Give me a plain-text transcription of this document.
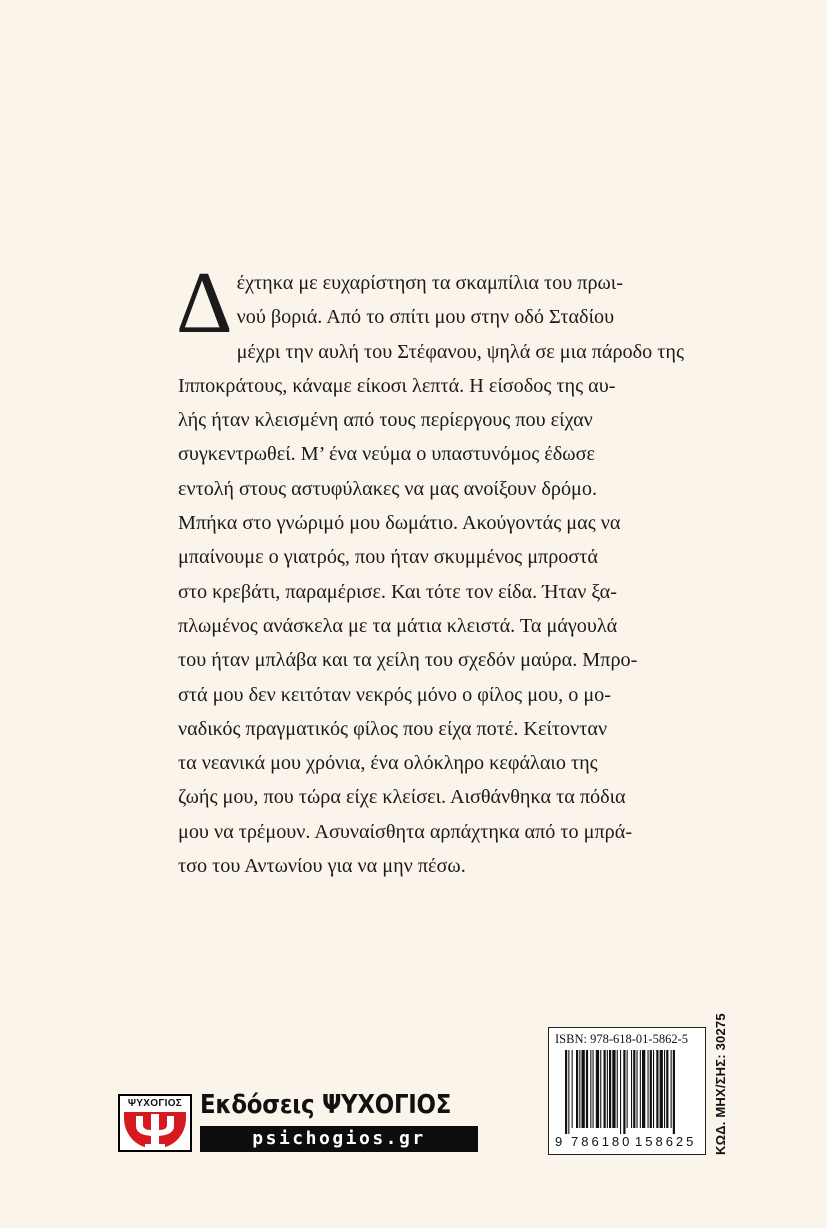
Δ έχτηκα με ευχαρίστηση τα σκαμπίλια του πρωι-
νού βοριά. Από το σπίτι μου στην οδό Σταδίου
μέχρι την αυλή του Στέφανου, ψηλά σε μια πάροδο της
Ιπποκράτους, κάναμε είκοσι λεπτά. Η είσοδος της αυ-
λής ήταν κλεισμένη από τους περίεργους που είχαν
συγκεντρωθεί. Μ’ ένα νεύμα ο υπαστυνόμος έδωσε
εντολή στους αστυφύλακες να μας ανοίξουν δρόμο.
Μπήκα στο γνώριμό μου δωμάτιο. Ακούγοντάς μας να
μπαίνουμε ο γιατρός, που ήταν σκυμμένος μπροστά
στο κρεβάτι, παραμέρισε. Και τότε τον είδα. Ήταν ξα-
πλωμένος ανάσκελα με τα μάτια κλειστά. Τα μάγουλά
του ήταν μπλάβα και τα χείλη του σχεδόν μαύρα. Μπρο-
στά μου δεν κειτόταν νεκρός μόνο ο φίλος μου, ο μο-
ναδικός πραγματικός φίλος που είχα ποτέ. Κείτονταν
τα νεανικά μου χρόνια, ένα ολόκληρο κεφάλαιο της
ζωής μου, που τώρα είχε κλείσει. Αισθάνθηκα τα πόδια
μου να τρέμουν. Ασυναίσθητα αρπάχτηκα από το μπρά-
τσο του Αντωνίου για να μην πέσω.
ΨΥΧΟΓΙΟΣ Εκδόσεις ΨΥΧΟΓΙΟΣ
psichogios.gr
ISBN: 978-618-01-5862-5
9 786180 158625 ΚΩΔ. ΜΗΧ/ΣΗΣ: 30275
